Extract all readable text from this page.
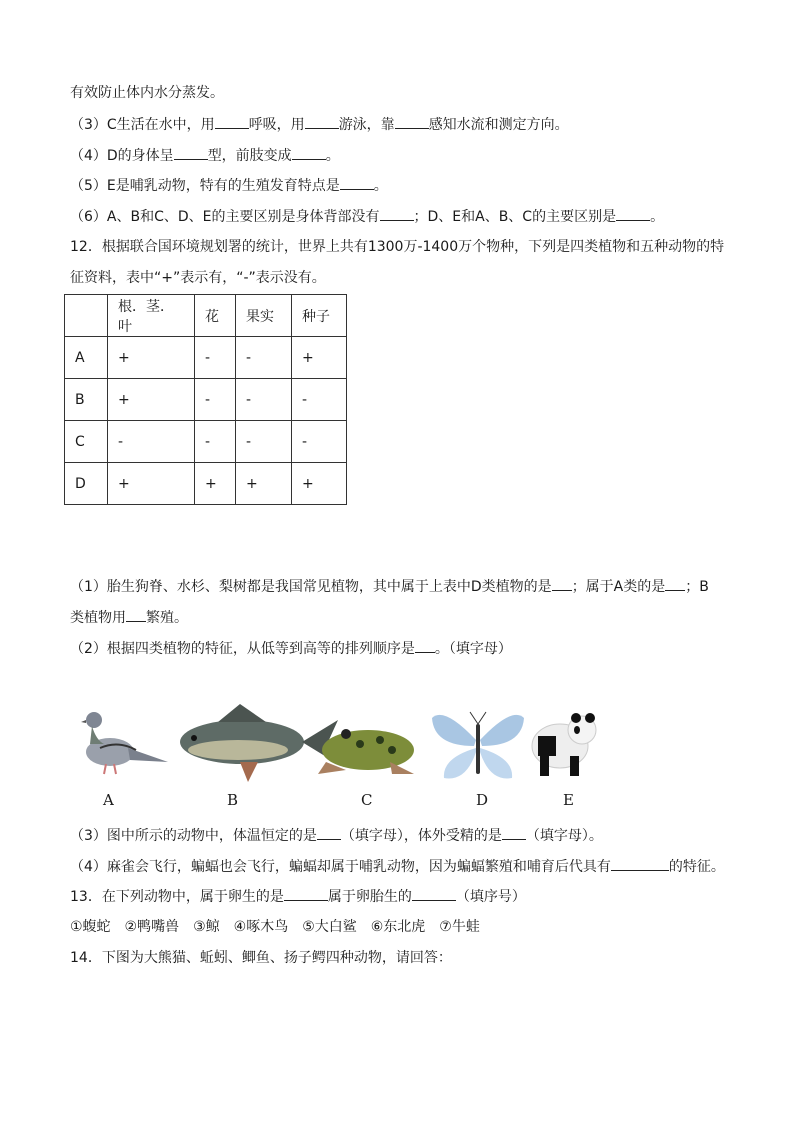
有效防止体内水分蒸发。
（3）C生活在水中，用 呼吸，用 游泳，靠 感知水流和测定方向。
（4）D的身体呈 型，前肢变成 。
（5）E是哺乳动物，特有的生殖发育特点是 。
（6）A、B和C、D、E的主要区别是身体背部没有 ；D、E和A、B、C的主要区别是 。
12．根据联合国环境规划署的统计，世界上共有1300万-1400万个物种，下列是四类植物和五种动物的特
征资料，表中“+”表示有，“-”表示没有。
	根．茎．叶	花	果实	种子
A	+	-	-	+
B	+	-	-	-
C	-	-	-	-
D	+	+	+	+
（1）胎生狗脊、水杉、梨树都是我国常见植物，其中属于上表中D类植物的是 ；属于A类的是 ；B
类植物用 繁殖。
（2）根据四类植物的特征，从低等到高等的排列顺序是 。（填字母）
A	B	C	D	E
（3）图中所示的动物中，体温恒定的是 （填字母），体外受精的是 （填字母）。
（4）麻雀会飞行，蝙蝠也会飞行，蝙蝠却属于哺乳动物，因为蝙蝠繁殖和哺育后代具有	的特征。
13．在下列动物中，属于卵生的是	属于卵胎生的	（填序号）
①蝮蛇　②鸭嘴兽　③鲸　④啄木鸟　⑤大白鲨　⑥东北虎　⑦牛蛙
14．下图为大熊猫、蚯蚓、鲫鱼、扬子鳄四种动物，请回答：
